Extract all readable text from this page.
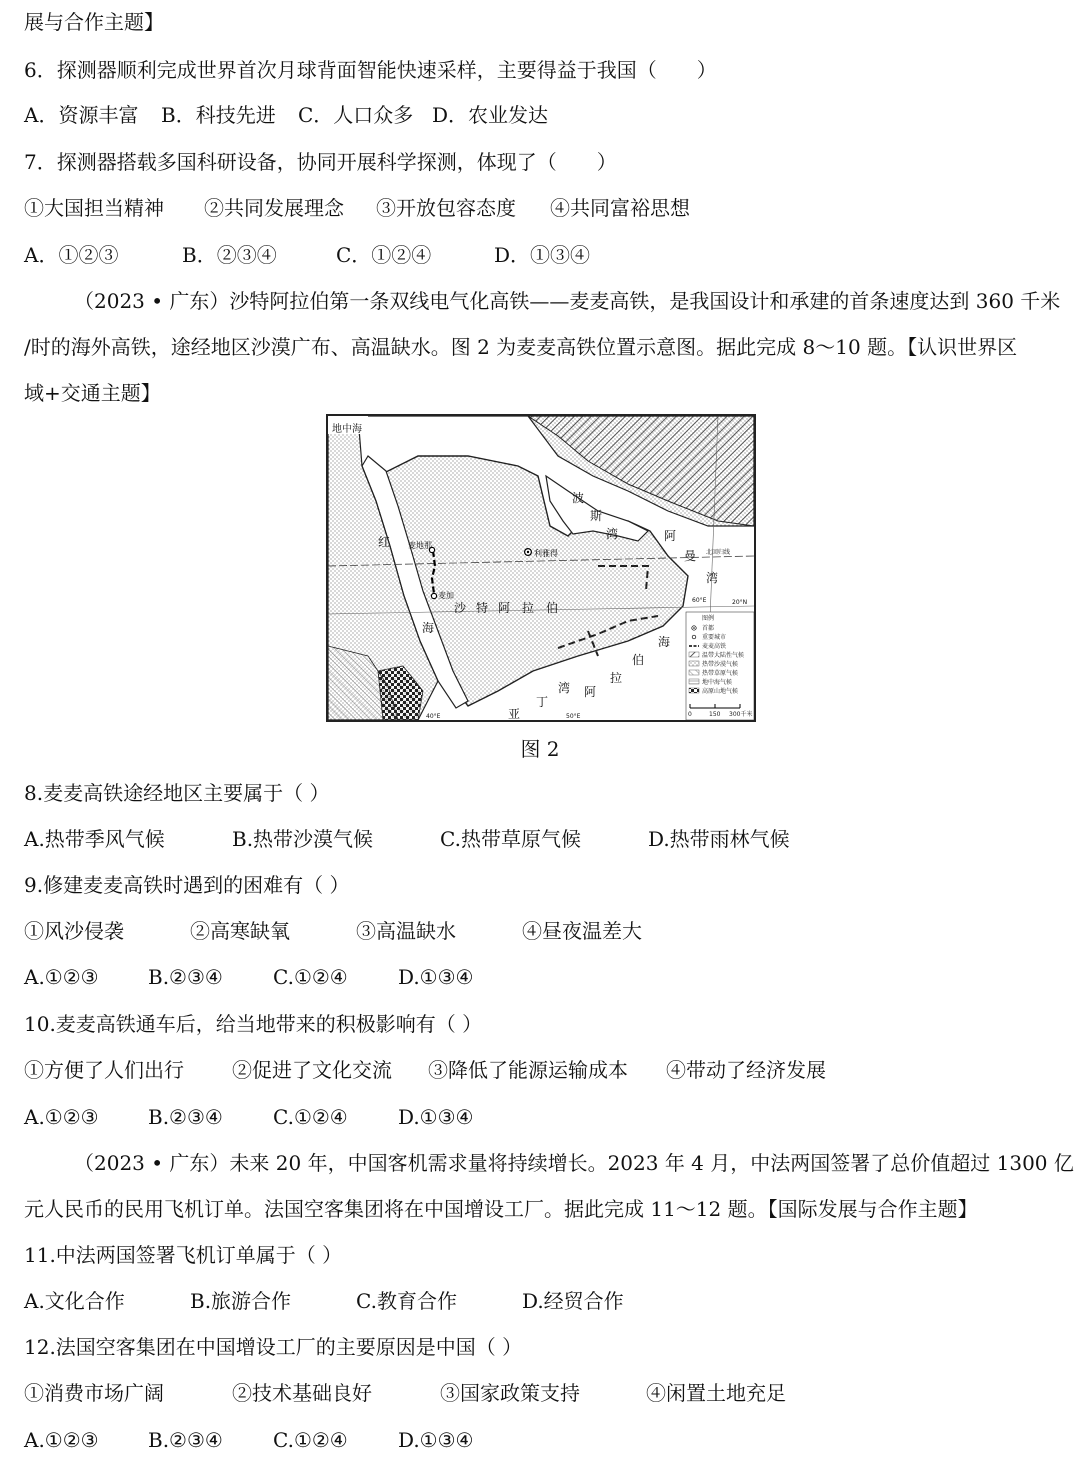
展与合作主题】
6．探测器顺利完成世界首次月球背面智能快速采样，主要得益于我国（　　）
A．资源丰富 B．科技先进 C．人口众多 D．农业发达
7．探测器搭载多国科研设备，协同开展科学探测，体现了（　　）
①大国担当精神 ②共同发展理念 ③开放包容态度 ④共同富裕思想
A．①②③	B．②③④	C．①②④	D．①③④
（2023 • 广东）沙特阿拉伯第一条双线电气化高铁——麦麦高铁，是我国设计和承建的首条速度达到 360 千米
/时的海外高铁，途经地区沙漠广布、高温缺水。图 2 为麦麦高铁位置示意图。据此完成 8～10 题。【认识世界区
域+交通主题】
地中海
波
斯
湾	阿
曼
湾
红
海
麦地那
麦加
利雅得
沙 特 阿 拉 伯
阿
拉
伯
海
亚
丁
湾
北回归线
60°E	20°N
40°E	50°E
图例
首都
重要城市
麦麦高铁
温带大陆性气候
热带沙漠气候
热带草原气候
地中海气候
高原山地气候
0	150 300千米
图 2
8.麦麦高铁途经地区主要属于（ ）
A.热带季风气候	B.热带沙漠气候	C.热带草原气候	D.热带雨林气候
9.修建麦麦高铁时遇到的困难有（ ）
①风沙侵袭	②高寒缺氧	③高温缺水	④昼夜温差大
A.①②③ B.②③④	C.①②④	D.①③④
10.麦麦高铁通车后，给当地带来的积极影响有（ ）
①方便了人们出行 ②促进了文化交流 ③降低了能源运输成本 ④带动了经济发展
A.①②③ B.②③④	C.①②④	D.①③④
（2023 • 广东）未来 20 年，中国客机需求量将持续增长。2023 年 4 月，中法两国签署了总价值超过 1300 亿
元人民币的民用飞机订单。法国空客集团将在中国增设工厂。据此完成 11～12 题。【国际发展与合作主题】
11.中法两国签署飞机订单属于（ ）
A.文化合作	B.旅游合作	C.教育合作	D.经贸合作
12.法国空客集团在中国增设工厂的主要原因是中国（ ）
①消费市场广阔	②技术基础良好	③国家政策支持	④闲置土地充足
A.①②③ B.②③④	C.①②④	D.①③④
